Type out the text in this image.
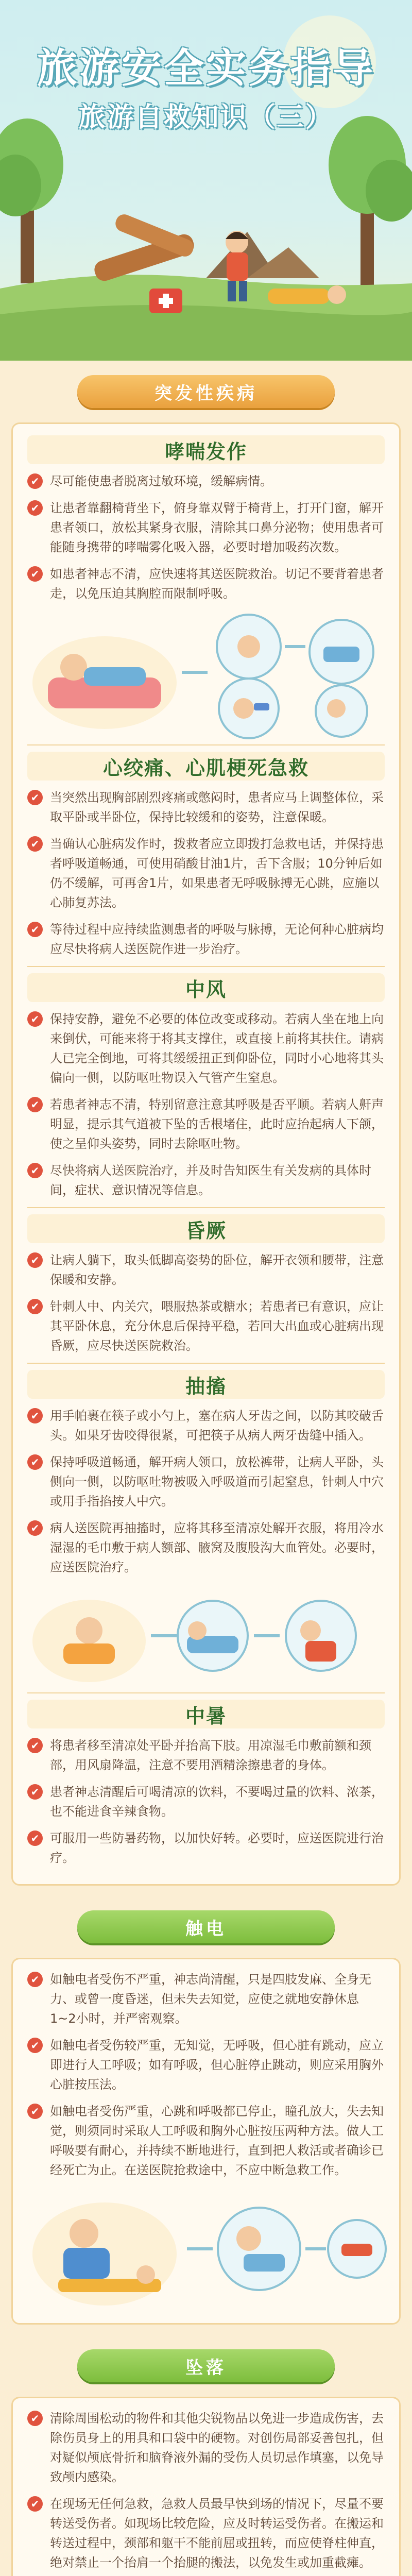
旅游安全实务指导
旅游自救知识（三）
突发性疾病
哮喘发作
✔ 尽可能使患者脱离过敏环境，缓解病情。
✔ 让患者靠翻椅背坐下，俯身靠双臂于椅背上，打开门窗，解开患者领口，放松其紧身衣服，清除其口鼻分泌物；使用患者可能随身携带的哮喘雾化吸入器，必要时增加吸药次数。
✔ 如患者神志不清，应快速将其送医院救治。切记不要背着患者走，以免压迫其胸腔而限制呼吸。
心绞痛、心肌梗死急救
✔ 当突然出现胸部剧烈疼痛或憋闷时，患者应马上调整体位，采取平卧或半卧位，保持比较缓和的姿势，注意保暖。
✔ 当确认心脏病发作时，拨救者应立即拨打急救电话，并保持患者呼吸道畅通，可使用硝酸甘油1片，舌下含服；10分钟后如仍不缓解，可再舍1片，如果患者无呼吸脉搏无心跳，应施以心肺复苏法。
✔ 等待过程中应持续监测患者的呼吸与脉搏，无论何种心脏病均应尽快将病人送医院作进一步治疗。
中风
✔ 保持安静，避免不必要的体位改变或移动。若病人坐在地上向来倒伏，可能来将于将其支撑住，或直接上前将其扶住。请病人已完全倒地，可将其缓缓扭正到仰卧位，同时小心地将其头偏向一侧，以防呕吐物误入气管产生窒息。
✔ 若患者神志不清，特别留意注意其呼吸是否平顺。若病人鼾声明显，提示其气道被下坠的舌根堵住，此时应抬起病人下颌，使之呈仰头姿势，同时去除呕吐物。
✔ 尽快将病人送医院治疗，并及时告知医生有关发病的具体时间，症状、意识情况等信息。
昏厥
✔ 让病人躺下，取头低脚高姿势的卧位，解开衣领和腰带，注意保暖和安静。
✔ 针刺人中、内关穴，喂服热茶或糖水；若患者已有意识，应让其平卧休息，充分休息后保持平稳，若回大出血或心脏病出现昏厥，应尽快送医院救治。
抽搐
✔ 用手帕裹在筷子或小勺上，塞在病人牙齿之间，以防其咬破舌头。如果牙齿咬得很紧，可把筷子从病人两牙齿缝中插入。
✔ 保持呼吸道畅通，解开病人领口，放松裤带，让病人平卧，头侧向一侧，以防呕吐物被吸入呼吸道而引起窒息，针刺人中穴或用手指掐按人中穴。
✔ 病人送医院再抽搐时，应将其移至清凉处解开衣服，将用冷水湿湿的毛巾敷于病人额部、腋窝及腹股沟大血管处。必要时，应送医院治疗。
中暑
✔ 将患者移至清凉处平卧并抬高下肢。用凉湿毛巾敷前额和颈部，用风扇降温，注意不要用酒精涂擦患者的身体。
✔ 患者神志清醒后可喝清凉的饮料，不要喝过量的饮料、浓茶，也不能进食辛辣食物。
✔ 可服用一些防暑药物，以加快好转。必要时，应送医院进行治疗。
触电
✔ 如触电者受伤不严重，神志尚清醒，只是四肢发麻、全身无力、或曾一度昏迷，但未失去知觉，应使之就地安静休息1~2小时，并严密观察。
✔ 如触电者受伤较严重，无知觉，无呼吸，但心脏有跳动，应立即进行人工呼吸；如有呼吸，但心脏停止跳动，则应采用胸外心脏按压法。
✔ 如触电者受伤严重，心跳和呼吸都已停止，瞳孔放大，失去知觉，则须同时采取人工呼吸和胸外心脏按压两种方法。做人工呼吸要有耐心，并持续不断地进行，直到把人救活或者确诊已经死亡为止。在送医院抢救途中，不应中断急救工作。
坠落
✔ 清除周围松动的物件和其他尖锐物品以免进一步造成伤害，去除伤员身上的用具和口袋中的硬物。对创伤局部妥善包扎，但对疑似颅底骨折和脑脊液外漏的受伤人员切忌作填塞，以免导致颅内感染。
✔ 在现场无任何急救，急救人员最早快到场的情况下，尽量不要转送受伤者。如现场比较危险，应及时转运受伤者。在搬运和转送过程中，颈部和躯干不能前屈或扭转，而应使脊柱伸直，绝对禁止一个抬肩一个抬腿的搬法，以免发生或加重截瘫。
